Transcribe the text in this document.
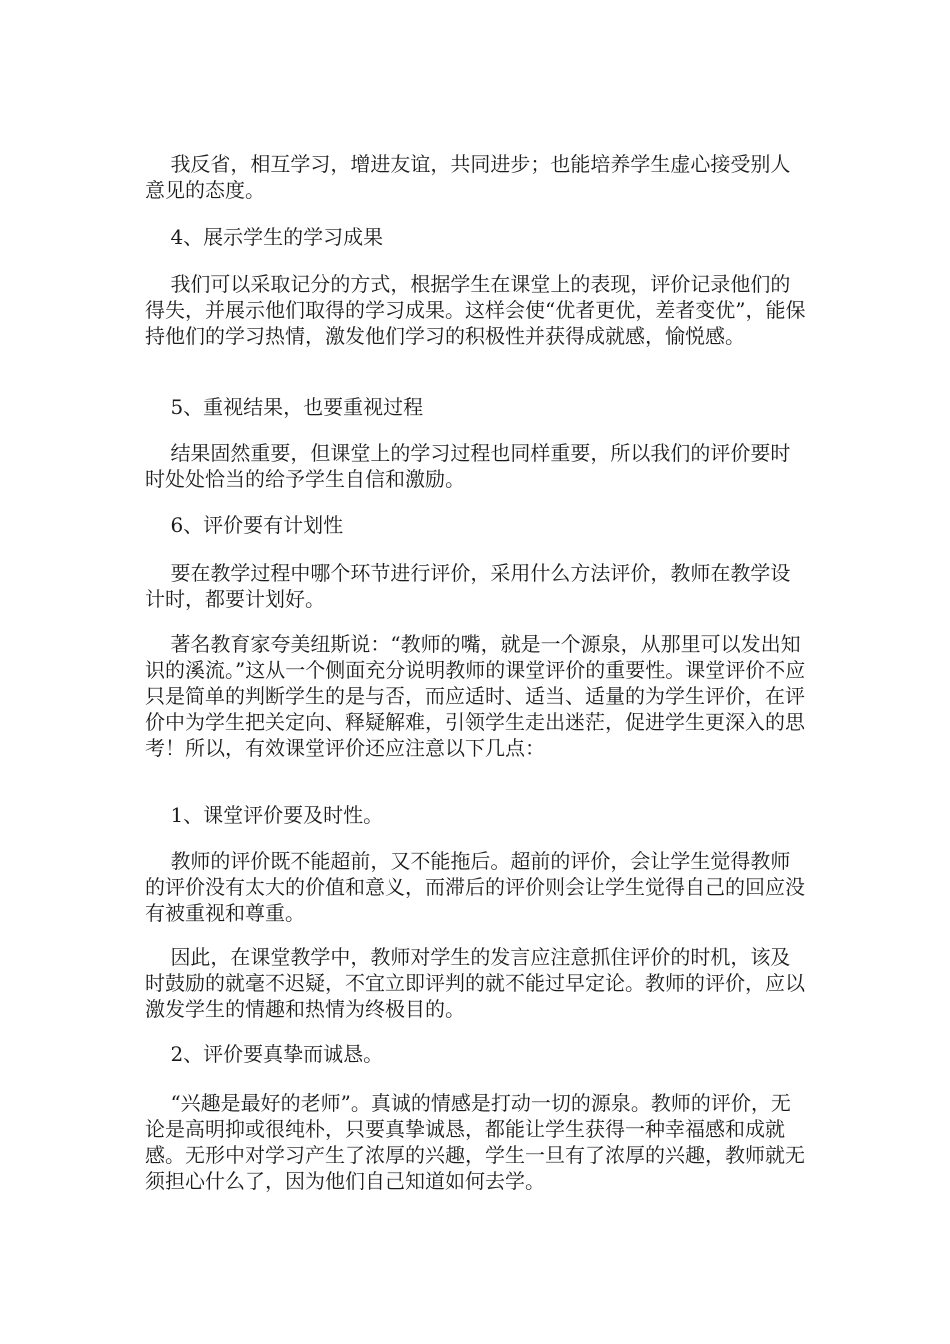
我反省，相互学习，增进友谊，共同进步；也能培养学生虚心接受别人意见的态度。

4、展示学生的学习成果

我们可以采取记分的方式，根据学生在课堂上的表现，评价记录他们的得失，并展示他们取得的学习成果。这样会使“优者更优，差者变优”，能保持他们的学习热情，激发他们学习的积极性并获得成就感，愉悦感。

5、重视结果，也要重视过程

结果固然重要，但课堂上的学习过程也同样重要，所以我们的评价要时时处处恰当的给予学生自信和激励。

6、评价要有计划性

要在教学过程中哪个环节进行评价，采用什么方法评价，教师在教学设计时，都要计划好。

著名教育家夸美纽斯说：“教师的嘴，就是一个源泉，从那里可以发出知识的溪流。”这从一个侧面充分说明教师的课堂评价的重要性。课堂评价不应只是简单的判断学生的是与否，而应适时、适当、适量的为学生评价，在评价中为学生把关定向、释疑解难，引领学生走出迷茫，促进学生更深入的思考！所以，有效课堂评价还应注意以下几点：

1、课堂评价要及时性。

教师的评价既不能超前，又不能拖后。超前的评价，会让学生觉得教师的评价没有太大的价值和意义，而滞后的评价则会让学生觉得自己的回应没有被重视和尊重。

因此，在课堂教学中，教师对学生的发言应注意抓住评价的时机，该及时鼓励的就毫不迟疑，不宜立即评判的就不能过早定论。教师的评价，应以激发学生的情趣和热情为终极目的。

2、评价要真挚而诚恳。

“兴趣是最好的老师”。真诚的情感是打动一切的源泉。教师的评价，无论是高明抑或很纯朴，只要真挚诚恳，都能让学生获得一种幸福感和成就感。无形中对学习产生了浓厚的兴趣，学生一旦有了浓厚的兴趣，教师就无须担心什么了，因为他们自己知道如何去学。
